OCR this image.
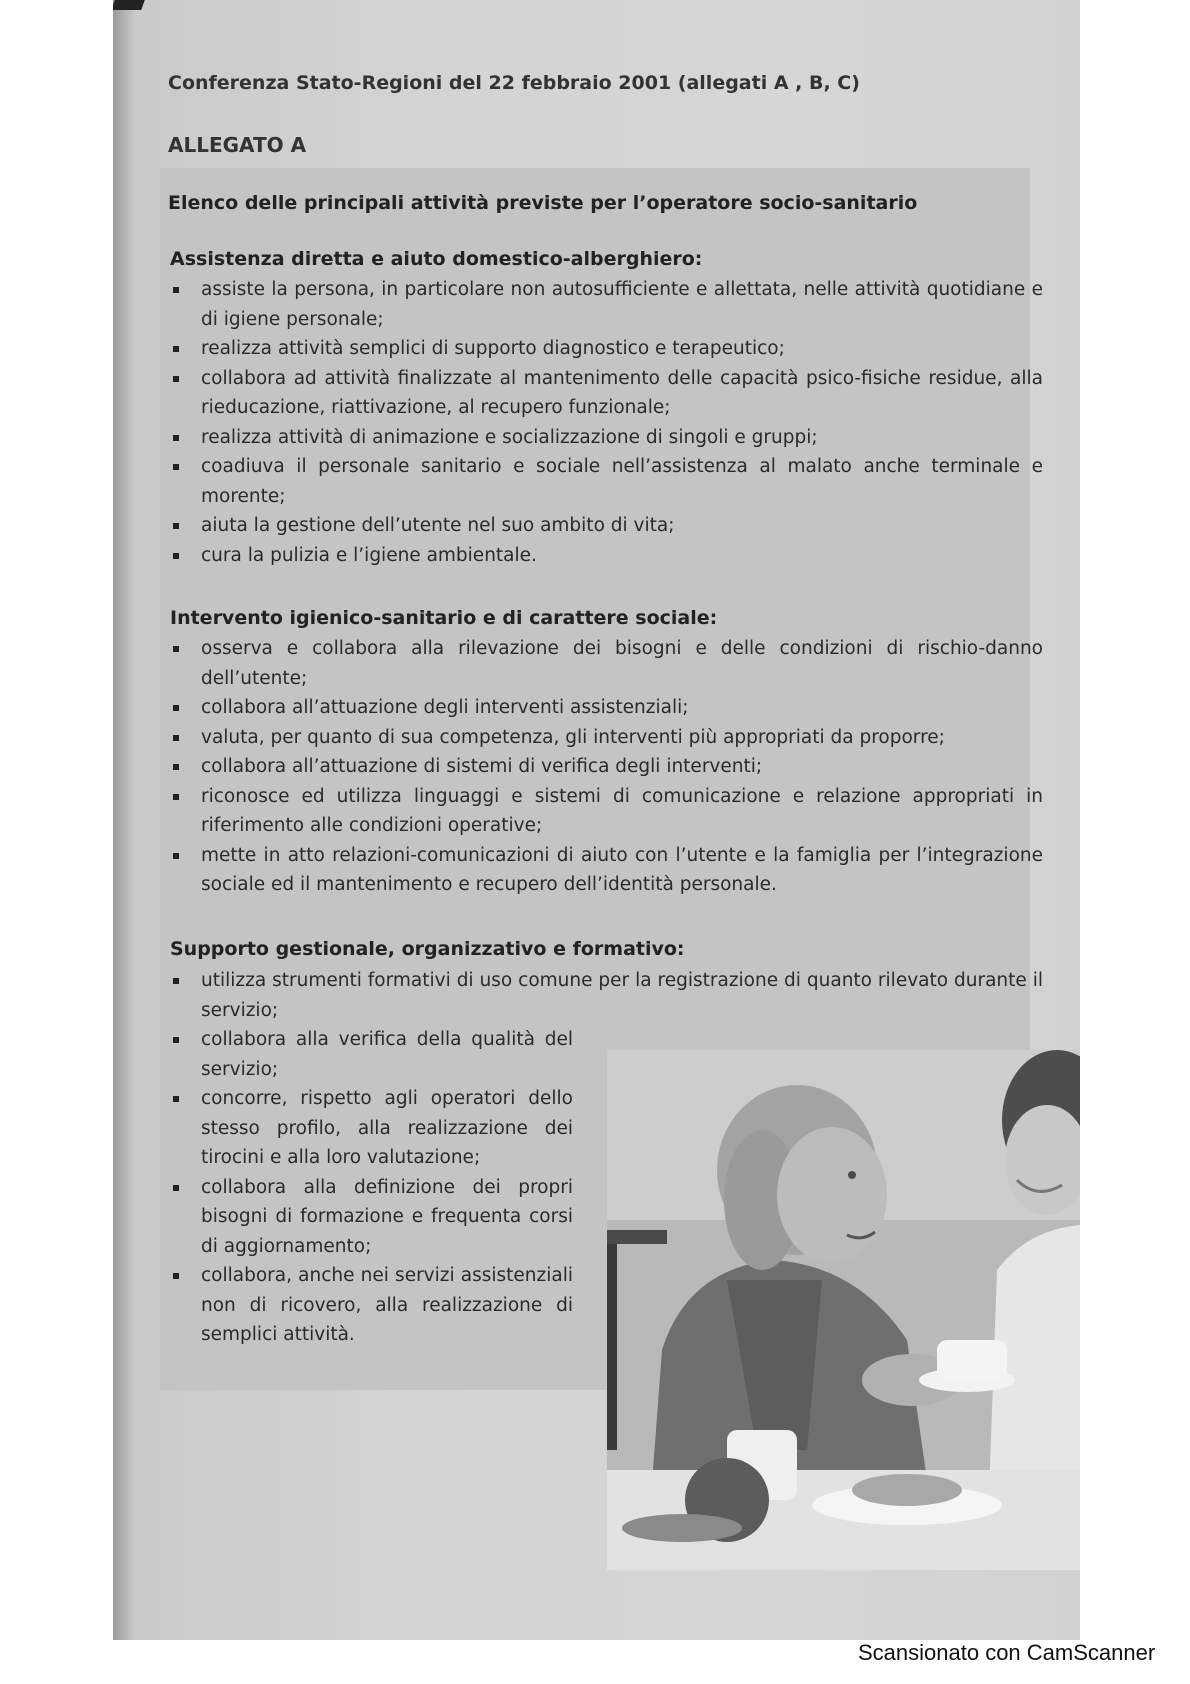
Conferenza Stato-Regioni del 22 febbraio 2001 (allegati A , B, C)
ALLEGATO A
Elenco delle principali attività previste per l’operatore socio-sanitario
Assistenza diretta e aiuto domestico-alberghiero:
assiste la persona, in particolare non autosufficiente e allettata, nelle attività quotidiane e di igiene personale;
realizza attività semplici di supporto diagnostico e terapeutico;
collabora ad attività finalizzate al mantenimento delle capacità psico-fisiche residue, alla rieducazione, riattivazione, al recupero funzionale;
realizza attività di animazione e socializzazione di singoli e gruppi;
coadiuva il personale sanitario e sociale nell’assistenza al malato anche terminale e morente;
aiuta la gestione dell’utente nel suo ambito di vita;
cura la pulizia e l’igiene ambientale.
Intervento igienico-sanitario e di carattere sociale:
osserva e collabora alla rilevazione dei bisogni e delle condizioni di rischio-danno dell’utente;
collabora all’attuazione degli interventi assistenziali;
valuta, per quanto di sua competenza, gli interventi più appropriati da proporre;
collabora all’attuazione di sistemi di verifica degli interventi;
riconosce ed utilizza linguaggi e sistemi di comunicazione e relazione appropriati in riferimento alle condizioni operative;
mette in atto relazioni-comunicazioni di aiuto con l’utente e la famiglia per l’integrazione sociale ed il mantenimento e recupero dell’identità personale.
Supporto gestionale, organizzativo e formativo:
utilizza strumenti formativi di uso comune per la registrazione di quanto rilevato durante il servizio;
collabora alla verifica della qualità del servizio;
concorre, rispetto agli operatori dello stesso profilo, alla realizzazione dei tirocini e alla loro valutazione;
collabora alla definizione dei propri bisogni di formazione e frequenta corsi di aggiornamento;
collabora, anche nei servizi assistenziali non di ricovero, alla realizzazione di semplici attività.
Scansionato con CamScanner
